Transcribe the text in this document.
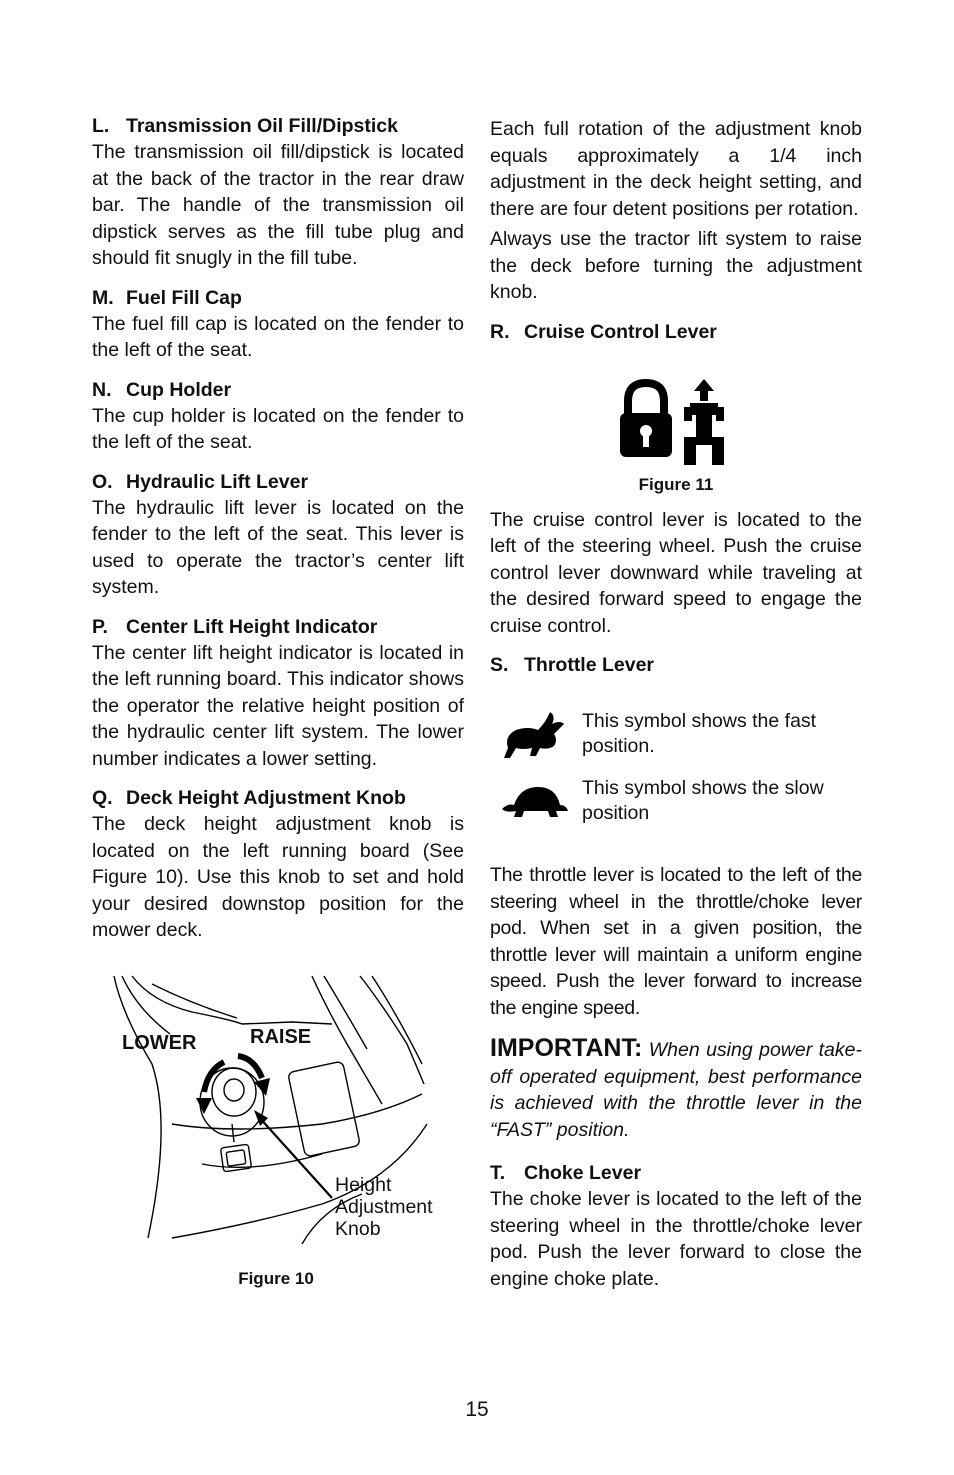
L. Transmission Oil Fill/Dipstick

The transmission oil fill/dipstick is located at the back of the tractor in the rear draw bar. The handle of the transmission oil dipstick serves as the fill tube plug and should fit snugly in the fill tube.

M. Fuel Fill Cap

The fuel fill cap is located on the fender to the left of the seat.

N. Cup Holder

The cup holder is located on the fender to the left of the seat.

O. Hydraulic Lift Lever

The hydraulic lift lever is located on the fender to the left of the seat. This lever is used to operate the tractor’s center lift system.

P. Center Lift Height Indicator

The center lift height indicator is located in the left running board. This indicator shows the operator the relative height position of the hydraulic center lift system. The lower number indicates a lower setting.

Q. Deck Height Adjustment Knob

The deck height adjustment knob is located on the left running board (See Figure 10). Use this knob to set and hold your desired downstop position for the mower deck.

LOWER	RAISE
Height
Adjustment
Knob

Figure 10

Each full rotation of the adjustment knob equals approximately a 1/4 inch adjustment in the deck height setting, and there are four detent positions per rotation.

Always use the tractor lift system to raise the deck before turning the adjustment knob.

R. Cruise Control Lever

Figure 11

The cruise control lever is located to the left of the steering wheel. Push the cruise control lever downward while traveling at the desired forward speed to engage the cruise control.

S. Throttle Lever

This symbol shows the fast position.
This symbol shows the slow position

The throttle lever is located to the left of the steering wheel in the throttle/choke lever pod. When set in a given position, the throttle lever will maintain a uniform engine speed. Push the lever forward to increase the engine speed.

IMPORTANT: When using power take-off operated equipment, best performance is achieved with the throttle lever in the “FAST” position.

T. Choke Lever

The choke lever is located to the left of the steering wheel in the throttle/choke lever pod. Push the lever forward to close the engine choke plate.

15
